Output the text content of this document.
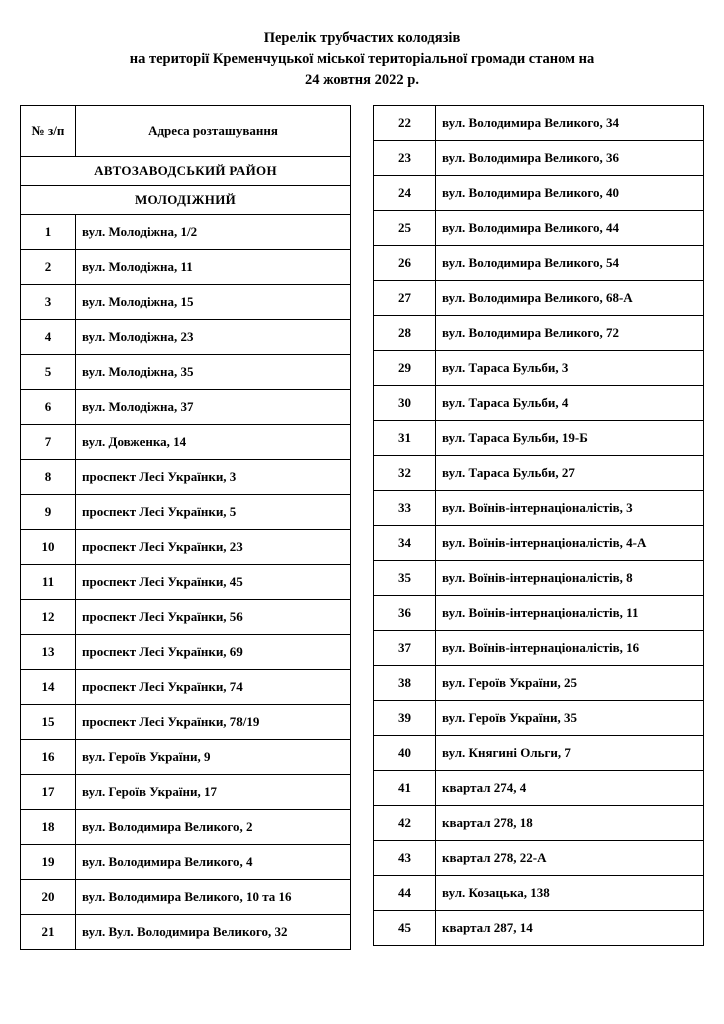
Перелік трубчастих колодязів
на території Кременчуцької міської територіальної громади станом на
24 жовтня 2022 р.
№ з/п	Адреса розташування
АВТОЗАВОДСЬКИЙ РАЙОН	
МОЛОДІЖНИЙ	
1	вул. Молодіжна, 1/2
2	вул. Молодіжна, 11
3	вул. Молодіжна, 15
4	вул. Молодіжна, 23
5	вул. Молодіжна, 35
6	вул. Молодіжна, 37
7	вул. Довженка, 14
8	проспект Лесі Українки, 3
9	проспект Лесі Українки, 5
10	проспект Лесі Українки, 23
11	проспект Лесі Українки, 45
12	проспект Лесі Українки, 56
13	проспект Лесі Українки, 69
14	проспект Лесі Українки, 74
15	проспект Лесі Українки, 78/19
16	вул. Героїв України, 9
17	вул. Героїв України, 17
18	вул. Володимира Великого, 2
19	вул. Володимира Великого, 4
20	вул. Володимира Великого, 10 та 16
21	вул. Вул. Володимира Великого, 32
22	вул. Володимира Великого, 34
23	вул. Володимира Великого, 36
24	вул. Володимира Великого, 40
25	вул. Володимира Великого, 44
26	вул. Володимира Великого, 54
27	вул. Володимира Великого, 68-А
28	вул. Володимира Великого, 72
29	вул. Тараса Бульби, 3
30	вул. Тараса Бульби, 4
31	вул. Тараса Бульби, 19-Б
32	вул. Тараса Бульби, 27
33	вул. Воїнів-інтернаціоналістів, 3
34	вул. Воїнів-інтернаціоналістів, 4-А
35	вул. Воїнів-інтернаціоналістів, 8
36	вул. Воїнів-інтернаціоналістів, 11
37	вул. Воїнів-інтернаціоналістів, 16
38	вул. Героїв України, 25
39	вул. Героїв України, 35
40	вул. Княгині Ольги, 7
41	квартал 274, 4
42	квартал 278, 18
43	квартал 278, 22-А
44	вул. Козацька, 138
45	квартал 287, 14
